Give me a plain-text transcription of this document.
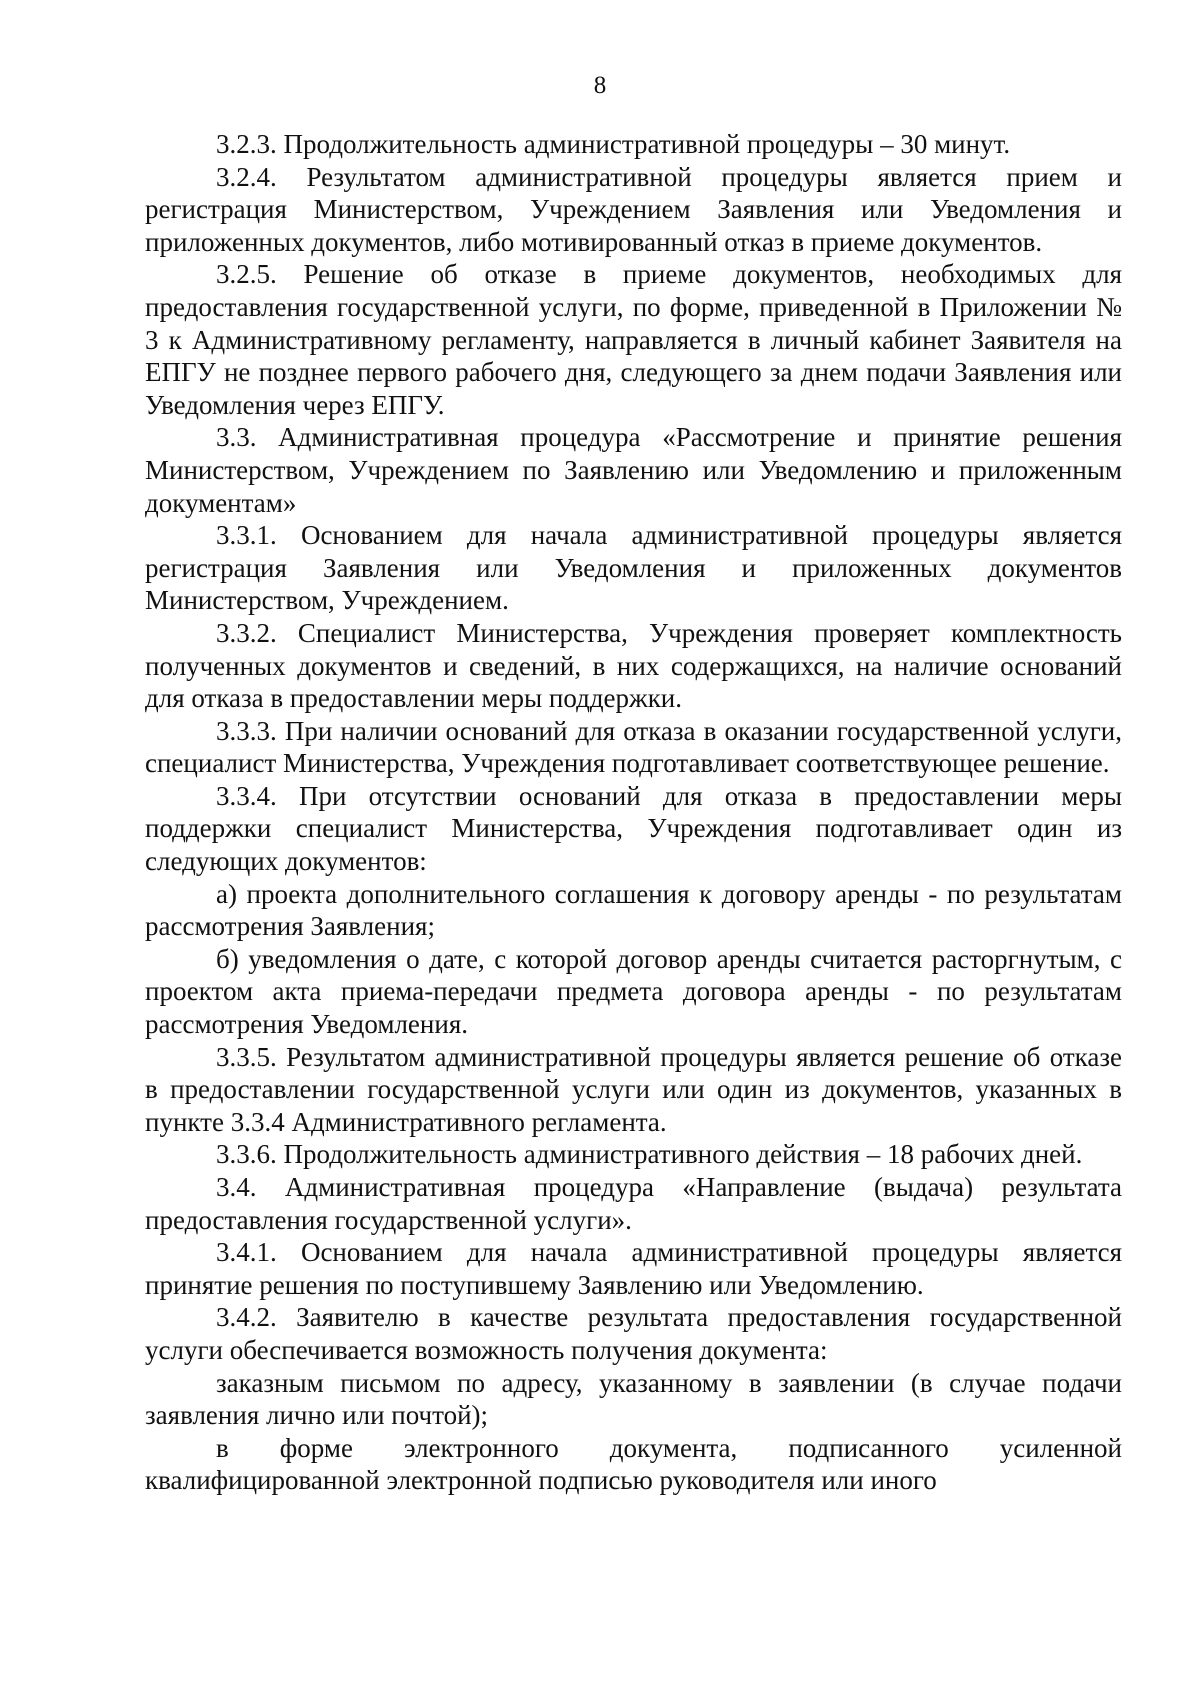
8

3.2.3. Продолжительность административной процедуры – 30 минут.

3.2.4. Результатом административной процедуры является прием и регистрация Министерством, Учреждением Заявления или Уведомления и приложенных документов, либо мотивированный отказ в приеме документов.

3.2.5. Решение об отказе в приеме документов, необходимых для предоставления государственной услуги, по форме, приведенной в Приложении № 3 к Административному регламенту, направляется в личный кабинет Заявителя на ЕПГУ не позднее первого рабочего дня, следующего за днем подачи Заявления или Уведомления через ЕПГУ.

3.3. Административная процедура «Рассмотрение и принятие решения Министерством, Учреждением по Заявлению или Уведомлению и приложенным документам»

3.3.1. Основанием для начала административной процедуры является регистрация Заявления или Уведомления и приложенных документов Министерством, Учреждением.

3.3.2. Специалист Министерства, Учреждения проверяет комплектность полученных документов и сведений, в них содержащихся, на наличие оснований для отказа в предоставлении меры поддержки.

3.3.3. При наличии оснований для отказа в оказании государственной услуги, специалист Министерства, Учреждения подготавливает соответствующее решение.

3.3.4. При отсутствии оснований для отказа в предоставлении меры поддержки специалист Министерства, Учреждения подготавливает один из следующих документов:

а) проекта дополнительного соглашения к договору аренды - по результатам рассмотрения Заявления;

б) уведомления о дате, с которой договор аренды считается расторгнутым, с проектом акта приема-передачи предмета договора аренды - по результатам рассмотрения Уведомления.

3.3.5. Результатом административной процедуры является решение об отказе в предоставлении государственной услуги или один из документов, указанных в пункте 3.3.4 Административного регламента.

3.3.6. Продолжительность административного действия – 18 рабочих дней.

3.4. Административная процедура «Направление (выдача) результата предоставления государственной услуги».

3.4.1. Основанием для начала административной процедуры является принятие решения по поступившему Заявлению или Уведомлению.

3.4.2. Заявителю в качестве результата предоставления государственной услуги обеспечивается возможность получения документа:

заказным письмом по адресу, указанному в заявлении (в случае подачи заявления лично или почтой);

в форме электронного документа, подписанного усиленной квалифицированной электронной подписью руководителя или иного
